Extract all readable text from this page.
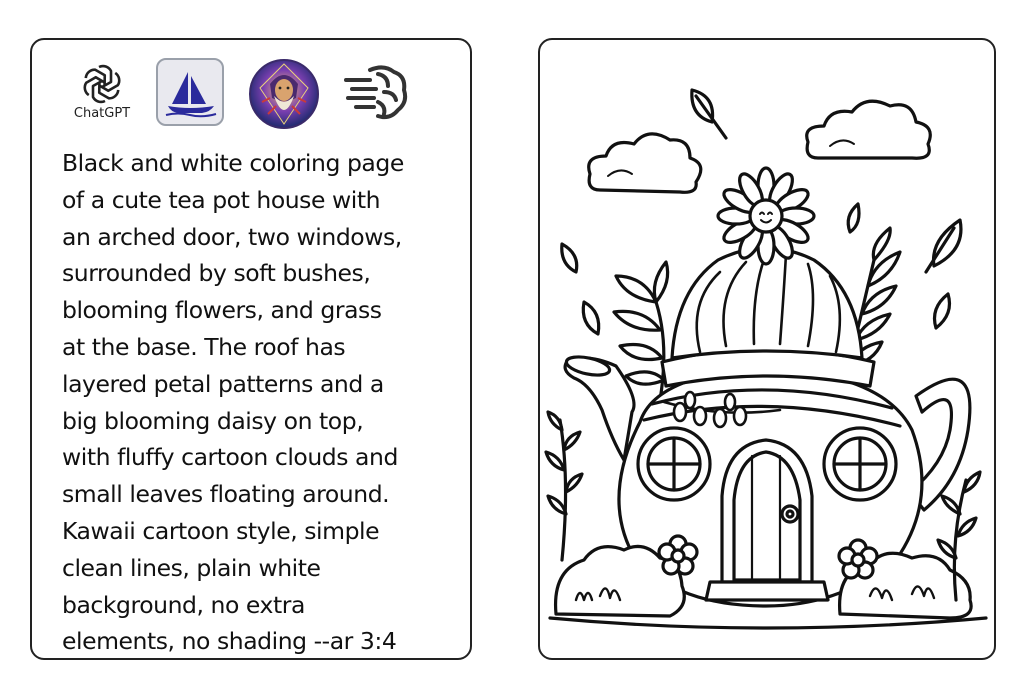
ChatGPT
Black and white coloring page
of a cute tea pot house with
an arched door, two windows,
surrounded by soft bushes,
blooming flowers, and grass
at the base. The roof has
layered petal patterns and a
big blooming daisy on top,
with fluffy cartoon clouds and
small leaves floating around.
Kawaii cartoon style, simple
clean lines, plain white
background, no extra
elements, no shading --ar 3:4
